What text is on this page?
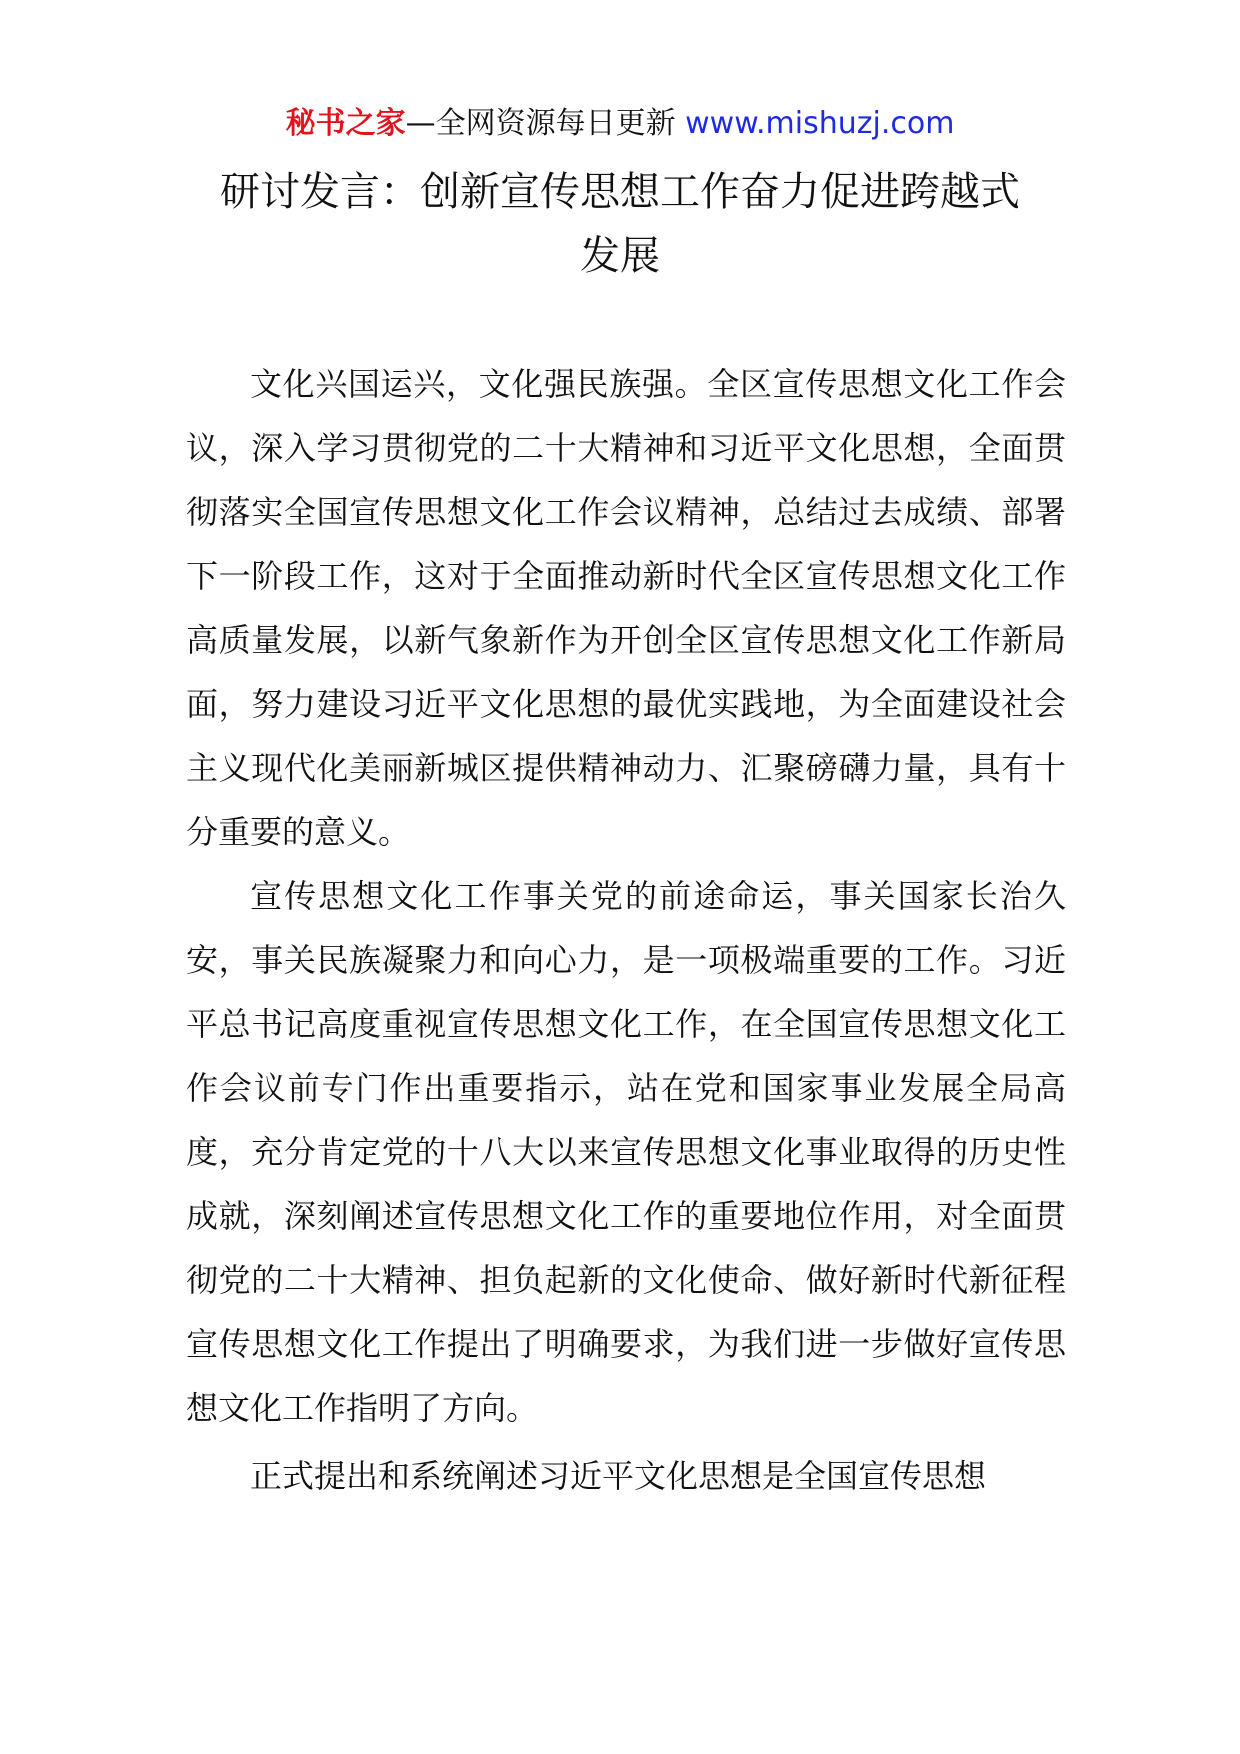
秘书之家—全网资源每日更新 www.mishuzj.com
研讨发言：创新宣传思想工作奋力促进跨越式
发展

文化兴国运兴，文化强民族强。全区宣传思想文化工作会议，深入学习贯彻党的二十大精神和习近平文化思想，全面贯彻落实全国宣传思想文化工作会议精神，总结过去成绩、部署下一阶段工作，这对于全面推动新时代全区宣传思想文化工作高质量发展，以新气象新作为开创全区宣传思想文化工作新局面，努力建设习近平文化思想的最优实践地，为全面建设社会主义现代化美丽新城区提供精神动力、汇聚磅礴力量，具有十分重要的意义。

宣传思想文化工作事关党的前途命运，事关国家长治久安，事关民族凝聚力和向心力，是一项极端重要的工作。习近平总书记高度重视宣传思想文化工作，在全国宣传思想文化工作会议前专门作出重要指示，站在党和国家事业发展全局高度，充分肯定党的十八大以来宣传思想文化事业取得的历史性成就，深刻阐述宣传思想文化工作的重要地位作用，对全面贯彻党的二十大精神、担负起新的文化使命、做好新时代新征程宣传思想文化工作提出了明确要求，为我们进一步做好宣传思想文化工作指明了方向。

正式提出和系统阐述习近平文化思想是全国宣传思想
